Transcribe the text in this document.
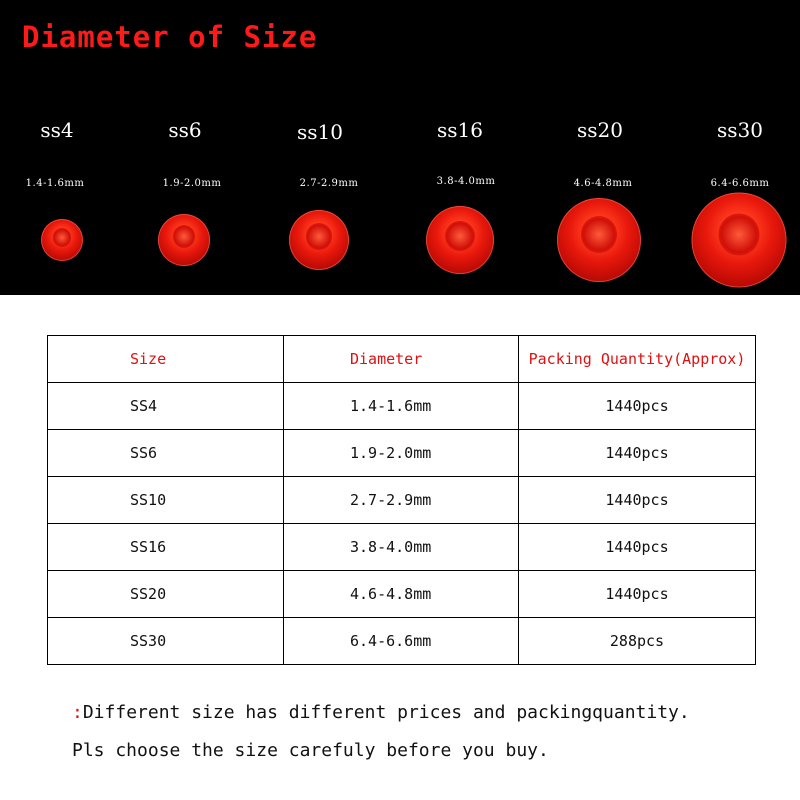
Diameter of Size
ss4	ss6	ss10	ss16	ss20	ss30
1.4-1.6mm	1.9-2.0mm	2.7-2.9mm	3.8-4.0mm	4.6-4.8mm	6.4-6.6mm
Size	Diameter	Packing Quantity(Approx)
SS4	1.4-1.6mm	1440pcs
SS6	1.9-2.0mm	1440pcs
SS10	2.7-2.9mm	1440pcs
SS16	3.8-4.0mm	1440pcs
SS20	4.6-4.8mm	1440pcs
SS30	6.4-6.6mm	288pcs
:Different size has different prices and packingquantity.
Pls choose the size carefuly before you buy.
